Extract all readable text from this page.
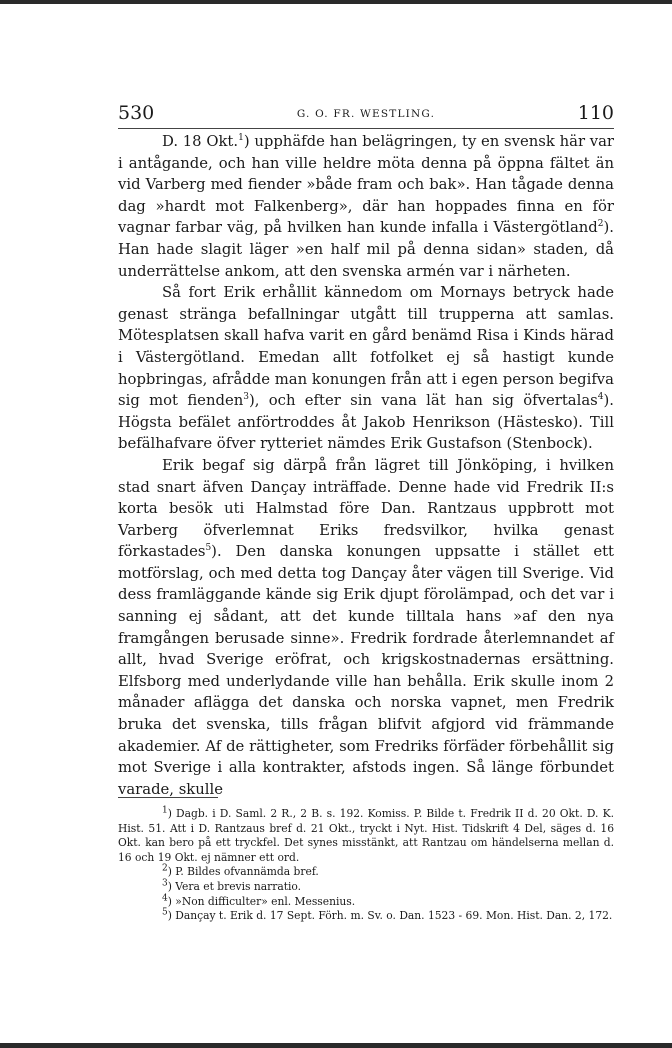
530	G. O. FR. WESTLING.	110

D. 18 Okt.$^1$) upphäfde han belägringen, ty en svensk här var i antågande, och han ville heldre möta denna på öppna fältet än vid Varberg med fiender »både fram och bak». Han tågade denna dag »hardt mot Falkenberg», där han hoppades finna en för vagnar farbar väg, på hvilken han kunde infalla i Västergötland$^2$). Han hade slagit läger »en half mil på denna sidan» staden, då underrättelse ankom, att den svenska armén var i närheten.

Så fort Erik erhållit kännedom om Mornays betryck hade genast stränga befallningar utgått till trupperna att samlas. Mötesplatsen skall hafva varit en gård benämd Risa i Kinds härad i Västergötland. Emedan allt fotfolket ej så hastigt kunde hopbringas, afrådde man konungen från att i egen person begifva sig mot fienden$^3$), och efter sin vana lät han sig öfvertalas$^4$). Högsta befälet anförtroddes åt Jakob Henrikson (Hästesko). Till befälhafvare öfver rytteriet nämdes Erik Gustafson (Stenbock).

Erik begaf sig därpå från lägret till Jönköping, i hvilken stad snart äfven Dançay inträffade. Denne hade vid Fredrik II:s korta besök uti Halmstad före Dan. Rantzaus uppbrott mot Varberg öfverlemnat Eriks fredsvilkor, hvilka genast förkastades$^5$). Den danska konungen uppsatte i stället ett motförslag, och med detta tog Dançay åter vägen till Sverige. Vid dess framläggande kände sig Erik djupt förolämpad, och det var i sanning ej sådant, att det kunde tilltala hans »af den nya framgången berusade sinne». Fredrik fordrade återlemnandet af allt, hvad Sverige eröfrat, och krigskostnadernas ersättning. Elfsborg med underlydande ville han behålla. Erik skulle inom 2 månader aflägga det danska och norska vapnet, men Fredrik bruka det svenska, tills frågan blifvit afgjord vid främmande akademier. Af de rättigheter, som Fredriks förfäder förbehållit sig mot Sverige i alla kontrakter, afstods ingen. Så länge förbundet varade, skulle

$^1$) Dagb. i D. Saml. 2 R., 2 B. s. 192. Komiss. P. Bilde t. Fredrik II d. 20 Okt. D. K. Hist. 51. Att i D. Rantzaus bref d. 21 Okt., tryckt i Nyt. Hist. Tidskrift 4 Del, säges d. 16 Okt. kan bero på ett tryckfel. Det synes misstänkt, att Rantzau om händelserna mellan d. 16 och 19 Okt. ej nämner ett ord.

$^2$) P. Bildes ofvannämda bref.

$^3$) Vera et brevis narratio.

$^4$) »Non difficulter» enl. Messenius.

$^5$) Dançay t. Erik d. 17 Sept. Förh. m. Sv. o. Dan. 1523 - 69. Mon. Hist. Dan. 2, 172.
